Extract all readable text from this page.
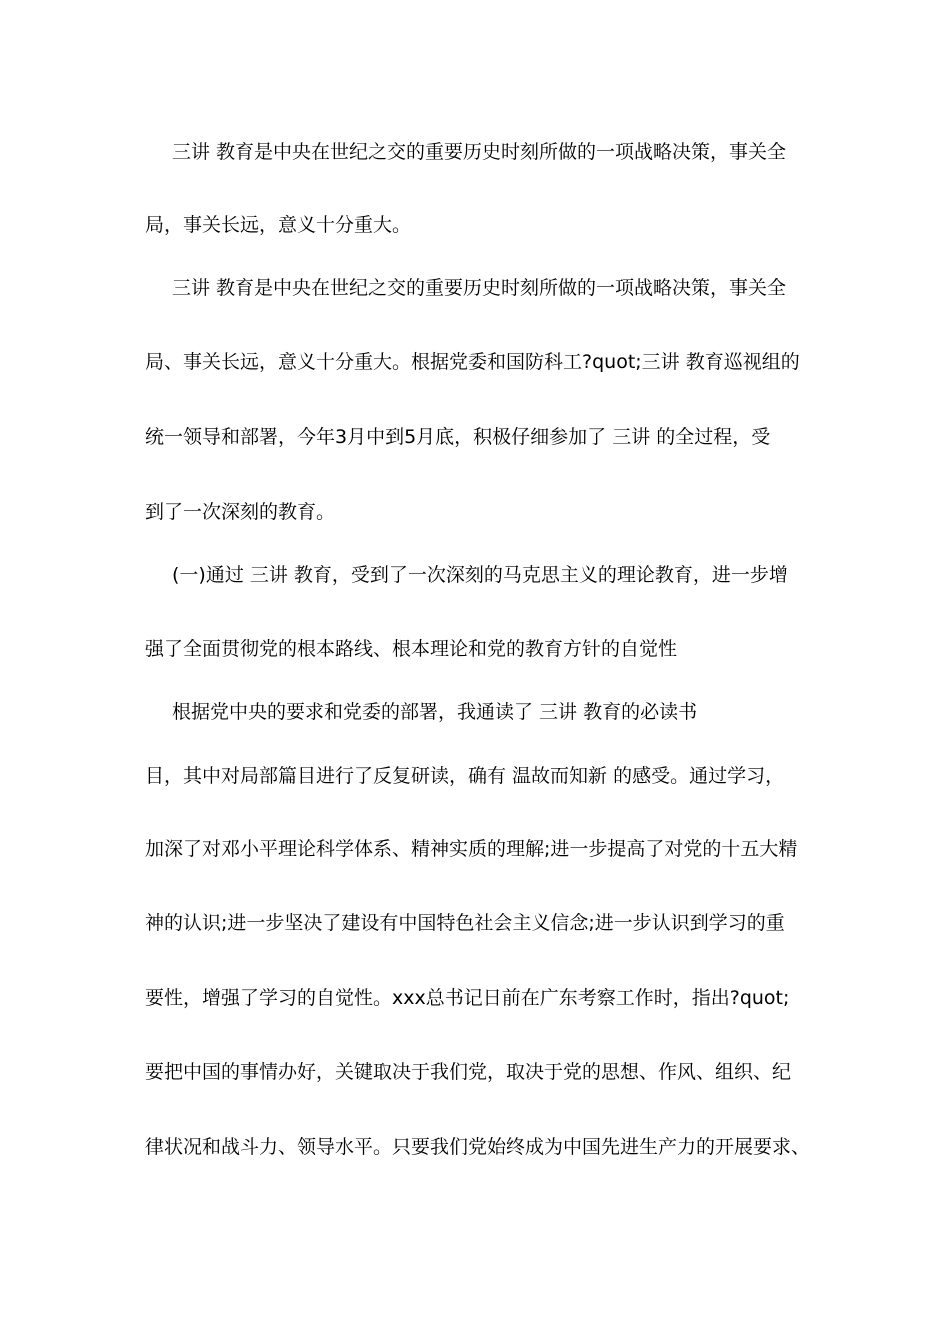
三讲 教育是中央在世纪之交的重要历史时刻所做的一项战略决策，事关全
局，事关长远，意义十分重大。
三讲 教育是中央在世纪之交的重要历史时刻所做的一项战略决策，事关全
局、事关长远，意义十分重大。根据党委和国防科工?quot;三讲 教育巡视组的
统一领导和部署，今年3月中到5月底，积极仔细参加了 三讲 的全过程，受
到了一次深刻的教育。
(一)通过 三讲 教育，受到了一次深刻的马克思主义的理论教育，进一步增
强了全面贯彻党的根本路线、根本理论和党的教育方针的自觉性
根据党中央的要求和党委的部署，我通读了 三讲 教育的必读书
目，其中对局部篇目进行了反复研读，确有 温故而知新 的感受。通过学习，
加深了对邓小平理论科学体系、精神实质的理解;进一步提高了对党的十五大精
神的认识;进一步坚决了建设有中国特色社会主义信念;进一步认识到学习的重
要性，增强了学习的自觉性。xxx总书记日前在广东考察工作时，指出?quot;
要把中国的事情办好，关键取决于我们党，取决于党的思想、作风、组织、纪
律状况和战斗力、领导水平。只要我们党始终成为中国先进生产力的开展要求、
